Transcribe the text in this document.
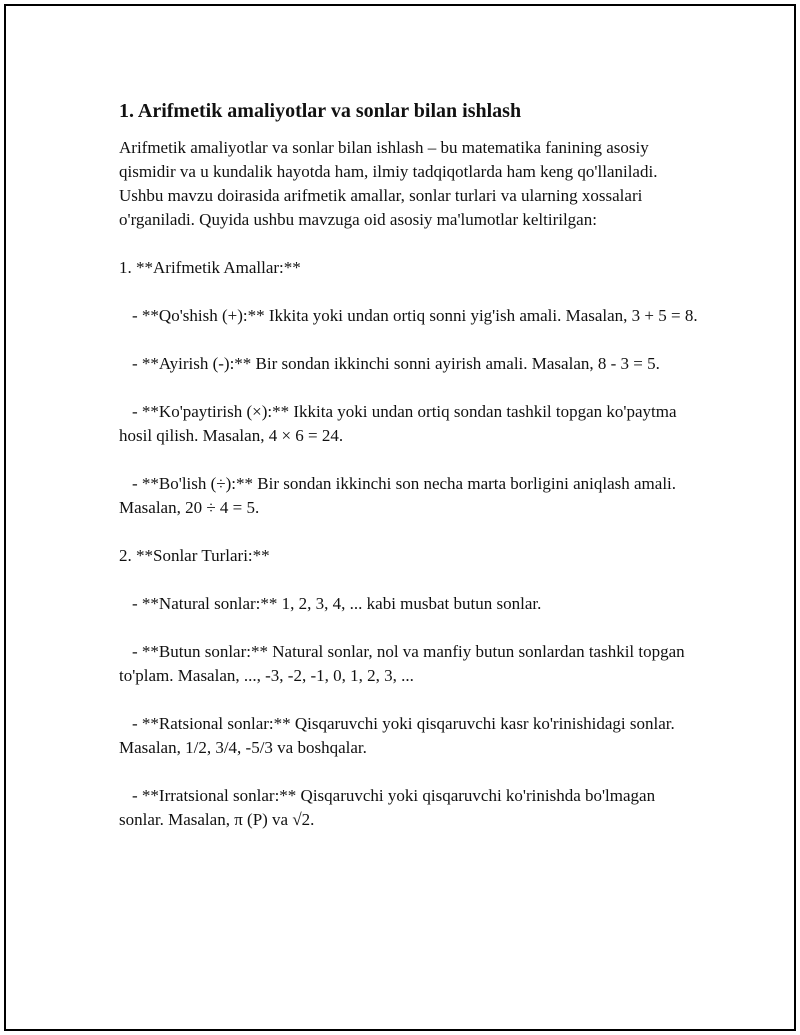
1. Arifmetik amaliyotlar va sonlar bilan ishlash

Arifmetik amaliyotlar va sonlar bilan ishlash – bu matematika fanining asosiy qismidir va u kundalik hayotda ham, ilmiy tadqiqotlarda ham keng qo'llaniladi. Ushbu mavzu doirasida arifmetik amallar, sonlar turlari va ularning xossalari o'rganiladi. Quyida ushbu mavzuga oid asosiy ma'lumotlar keltirilgan:

1. **Arifmetik Amallar:**

- **Qo'shish (+):** Ikkita yoki undan ortiq sonni yig'ish amali. Masalan, 3 + 5 = 8.

- **Ayirish (-):** Bir sondan ikkinchi sonni ayirish amali. Masalan, 8 - 3 = 5.

- **Ko'paytirish (×):** Ikkita yoki undan ortiq sondan tashkil topgan ko'paytma hosil qilish. Masalan, 4 × 6 = 24.

- **Bo'lish (÷):** Bir sondan ikkinchi son necha marta borligini aniqlash amali. Masalan, 20 ÷ 4 = 5.

2. **Sonlar Turlari:**

- **Natural sonlar:** 1, 2, 3, 4, ... kabi musbat butun sonlar.

- **Butun sonlar:** Natural sonlar, nol va manfiy butun sonlardan tashkil topgan to'plam. Masalan, ..., -3, -2, -1, 0, 1, 2, 3, ...

- **Ratsional sonlar:** Qisqaruvchi yoki qisqaruvchi kasr ko'rinishidagi sonlar. Masalan, 1/2, 3/4, -5/3 va boshqalar.

- **Irratsional sonlar:** Qisqaruvchi yoki qisqaruvchi ko'rinishda bo'lmagan sonlar. Masalan, π (P) va √2.
